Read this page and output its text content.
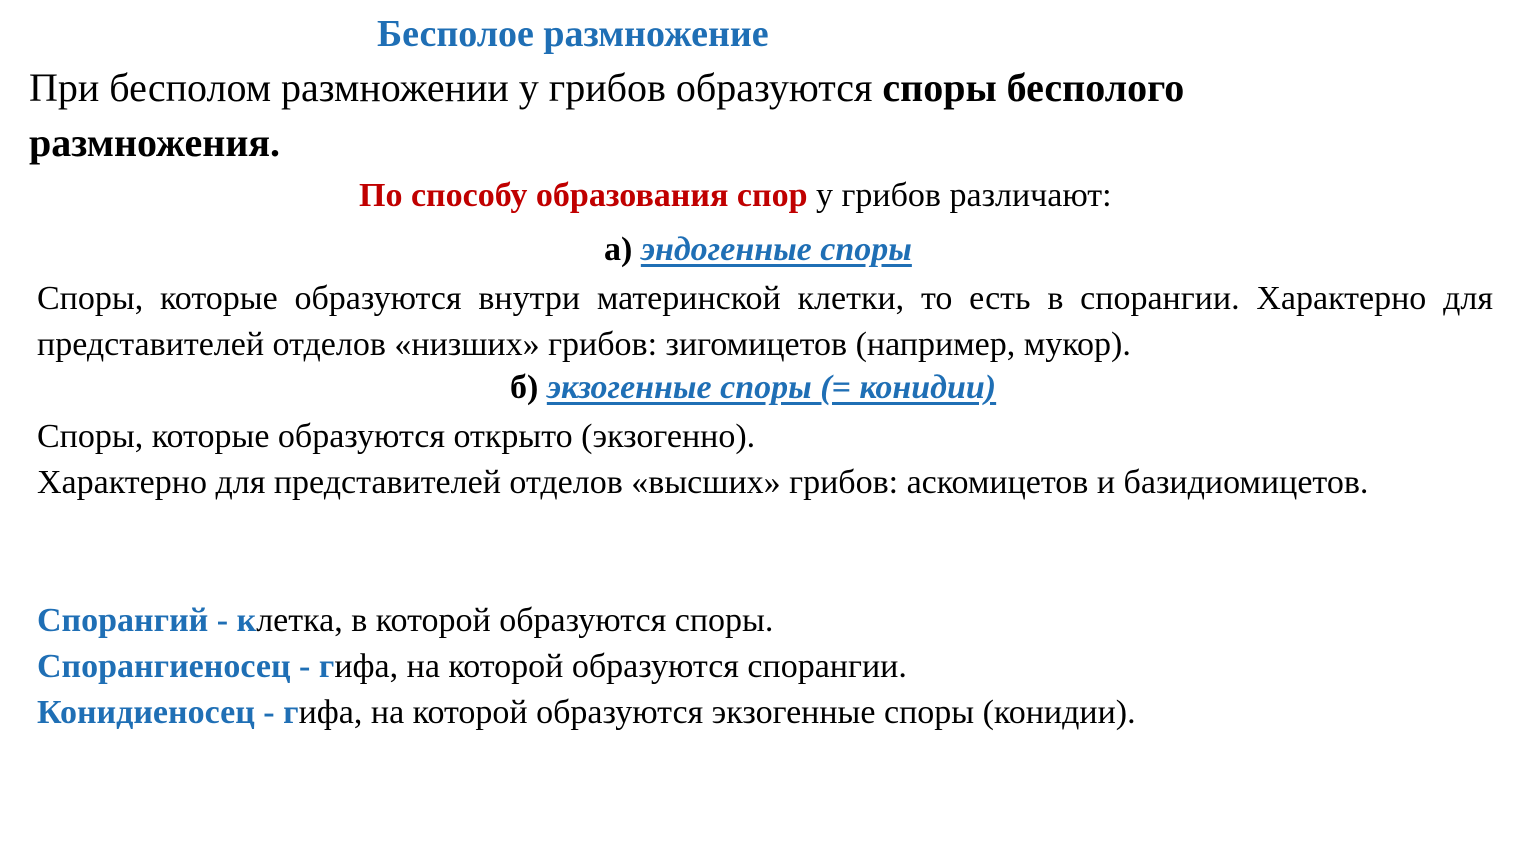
Бесполое размножение
При бесполом размножении у грибов образуются споры бесполого
размножения.
По способу образования спор у грибов различают:
а) эндогенные споры
Споры, которые образуются внутри материнской клетки, то есть в спорангии. Характерно для представителей отделов «низших» грибов: зигомицетов (например, мукор).
б) экзогенные споры (= конидии)
Споры, которые образуются открыто (экзогенно).
Характерно для представителей отделов «высших» грибов: аскомицетов и базидиомицетов.
Спорангий - клетка, в которой образуются споры.
Спорангиеносец - гифа, на которой образуются спорангии.
Конидиеносец - гифа, на которой образуются экзогенные споры (конидии).
